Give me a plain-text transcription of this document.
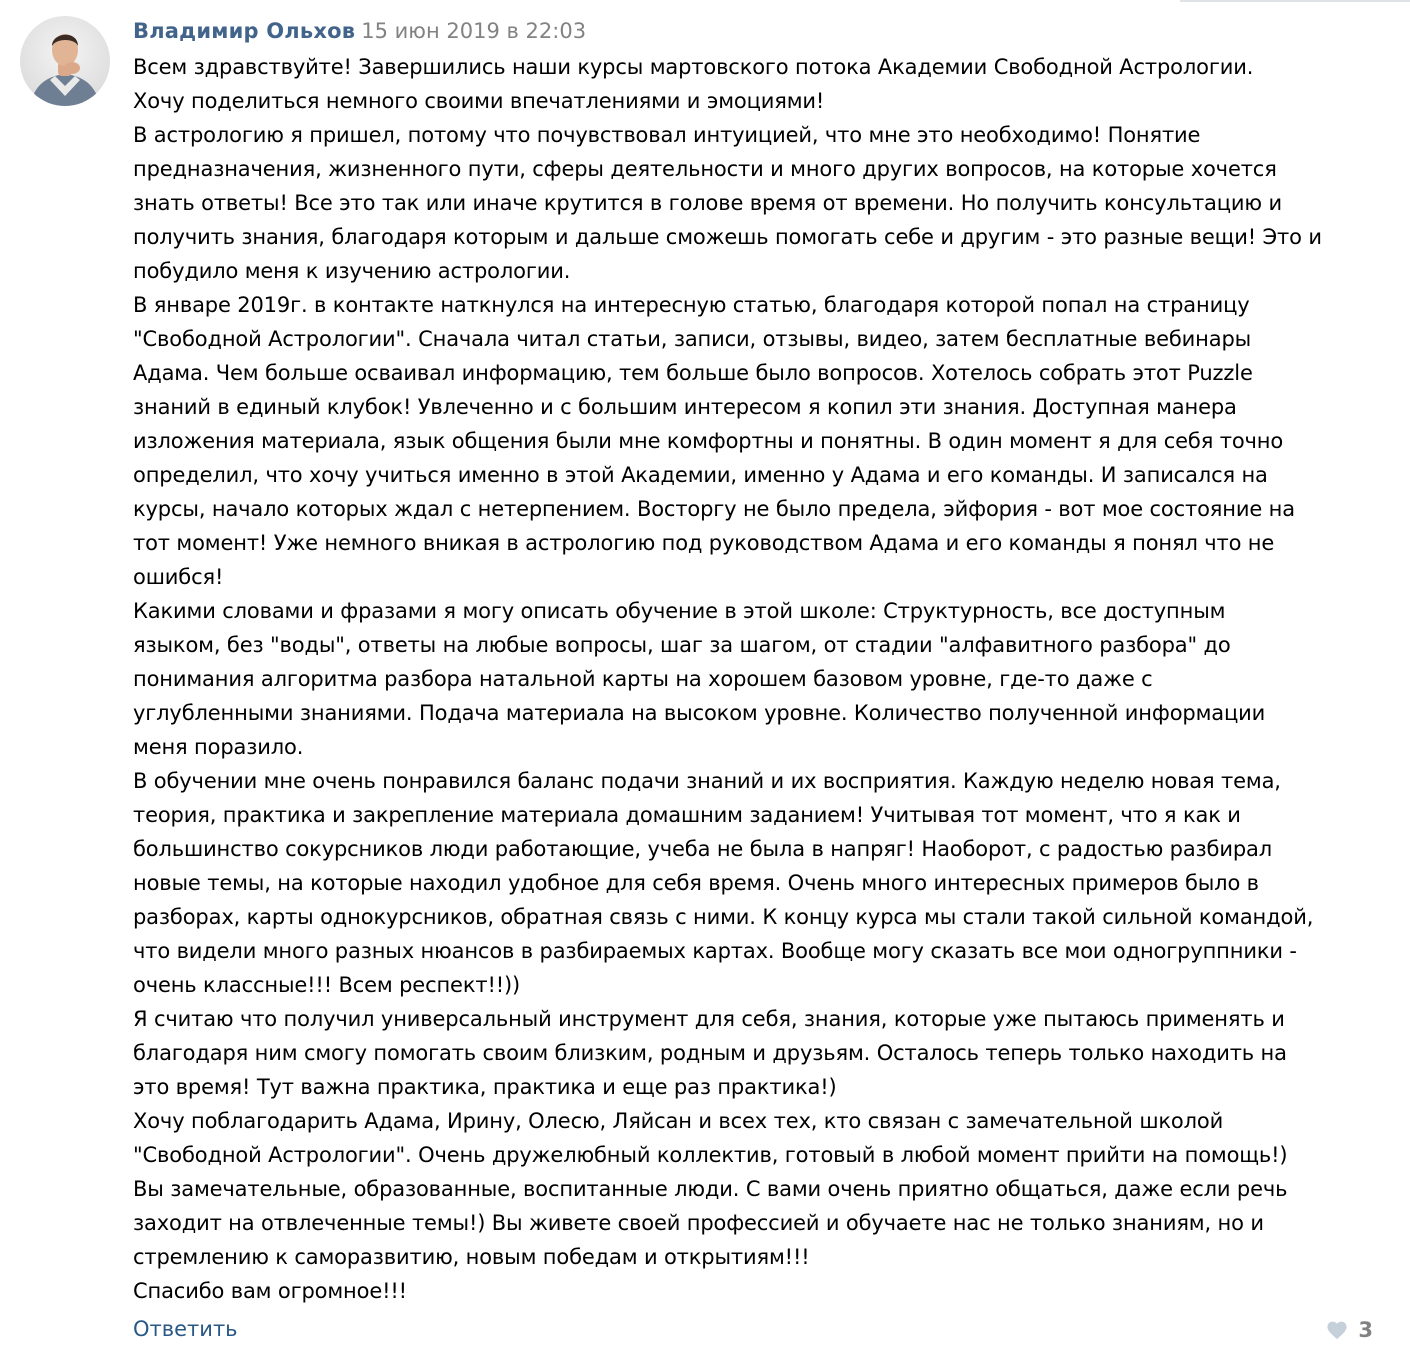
Владимир Ольхов 15 июн 2019 в 22:03
Всем здравствуйте! Завершились наши курсы мартовского потока Академии Свободной Астрологии.
Хочу поделиться немного своими впечатлениями и эмоциями!
В астрологию я пришел, потому что почувствовал интуицией, что мне это необходимо! Понятие
предназначения, жизненного пути, сферы деятельности и много других вопросов, на которые хочется
знать ответы! Все это так или иначе крутится в голове время от времени. Но получить консультацию и
получить знания, благодаря которым и дальше сможешь помогать себе и другим - это разные вещи! Это и
побудило меня к изучению астрологии.
В январе 2019г. в контакте наткнулся на интересную статью, благодаря которой попал на страницу
"Свободной Астрологии". Сначала читал статьи, записи, отзывы, видео, затем бесплатные вебинары
Адама. Чем больше осваивал информацию, тем больше было вопросов. Хотелось собрать этот Puzzle
знаний в единый клубок! Увлеченно и с большим интересом я копил эти знания. Доступная манера
изложения материала, язык общения были мне комфортны и понятны. В один момент я для себя точно
определил, что хочу учиться именно в этой Академии, именно у Адама и его команды. И записался на
курсы, начало которых ждал с нетерпением. Восторгу не было предела, эйфория - вот мое состояние на
тот момент! Уже немного вникая в астрологию под руководством Адама и его команды я понял что не
ошибся!
Какими словами и фразами я могу описать обучение в этой школе: Структурность, все доступным
языком, без "воды", ответы на любые вопросы, шаг за шагом, от стадии "алфавитного разбора" до
понимания алгоритма разбора натальной карты на хорошем базовом уровне, где-то даже с
углубленными знаниями. Подача материала на высоком уровне. Количество полученной информации
меня поразило.
В обучении мне очень понравился баланс подачи знаний и их восприятия. Каждую неделю новая тема,
теория, практика и закрепление материала домашним заданием! Учитывая тот момент, что я как и
большинство сокурсников люди работающие, учеба не была в напряг! Наоборот, с радостью разбирал
новые темы, на которые находил удобное для себя время. Очень много интересных примеров было в
разборах, карты однокурсников, обратная связь с ними. К концу курса мы стали такой сильной командой,
что видели много разных нюансов в разбираемых картах. Вообще могу сказать все мои одногруппники -
очень классные!!! Всем респект!!))
Я считаю что получил универсальный инструмент для себя, знания, которые уже пытаюсь применять и
благодаря ним смогу помогать своим близким, родным и друзьям. Осталось теперь только находить на
это время! Тут важна практика, практика и еще раз практика!)
Хочу поблагодарить Адама, Ирину, Олесю, Ляйсан и всех тех, кто связан с замечательной школой
"Свободной Астрологии". Очень дружелюбный коллектив, готовый в любой момент прийти на помощь!)
Вы замечательные, образованные, воспитанные люди. С вами очень приятно общаться, даже если речь
заходит на отвлеченные темы!) Вы живете своей профессией и обучаете нас не только знаниям, но и
стремлению к саморазвитию, новым победам и открытиям!!!
Спасибо вам огромное!!!
Ответить	3
